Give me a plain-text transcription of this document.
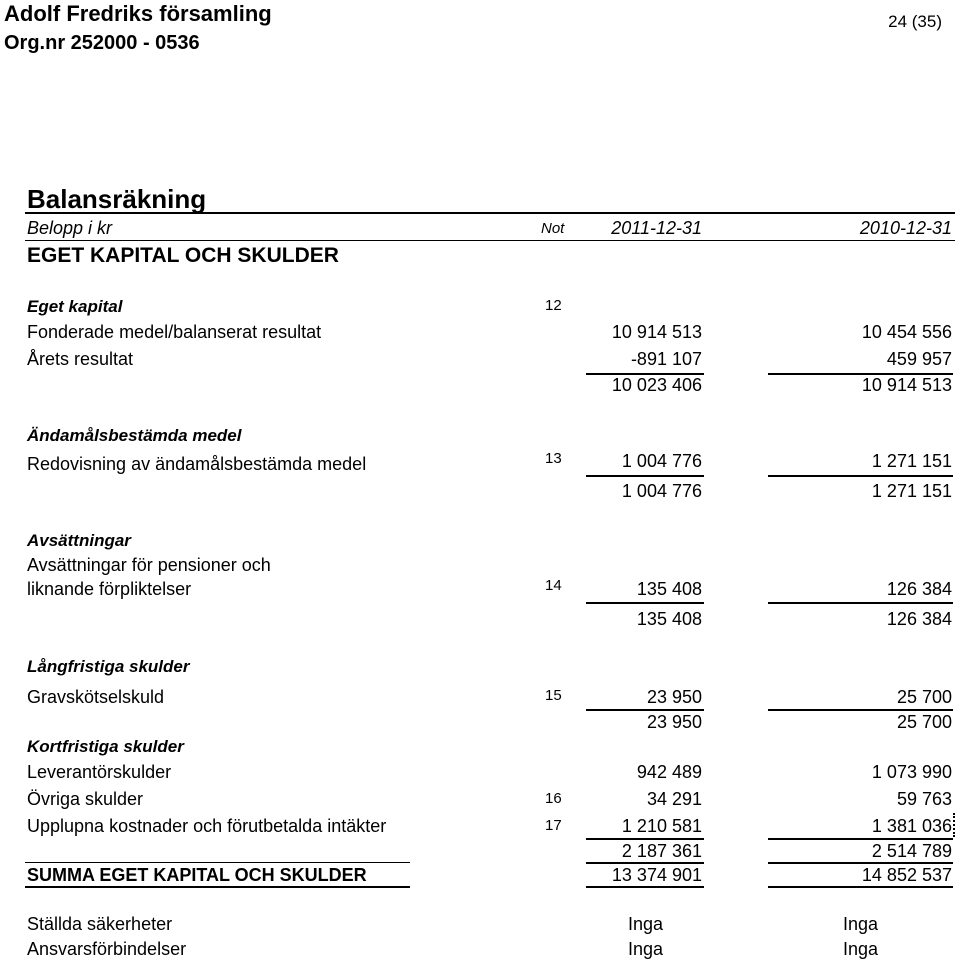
Adolf Fredriks församling
Org.nr 252000 - 0536
24 (35)
Balansräkning
Belopp i kr	Not	2011-12-31	2010-12-31
EGET KAPITAL OCH SKULDER
Eget kapital	12
Fonderade medel/balanserat resultat	10 914 513	10 454 556
Årets resultat	-891 107	459 957
10 023 406	10 914 513
Ändamålsbestämda medel
Redovisning av ändamålsbestämda medel	13	1 004 776	1 271 151
1 004 776	1 271 151
Avsättningar
Avsättningar för pensioner och
liknande förpliktelser	14	135 408	126 384
135 408	126 384
Långfristiga skulder
Gravskötselskuld	15	23 950	25 700
23 950	25 700
Kortfristiga skulder
Leverantörskulder	942 489	1 073 990
Övriga skulder	16	34 291	59 763
Upplupna kostnader och förutbetalda intäkter	17	1 210 581	1 381 036
2 187 361	2 514 789
SUMMA EGET KAPITAL OCH SKULDER	13 374 901	14 852 537
Ställda säkerheter	Inga	Inga
Ansvarsförbindelser	Inga	Inga
